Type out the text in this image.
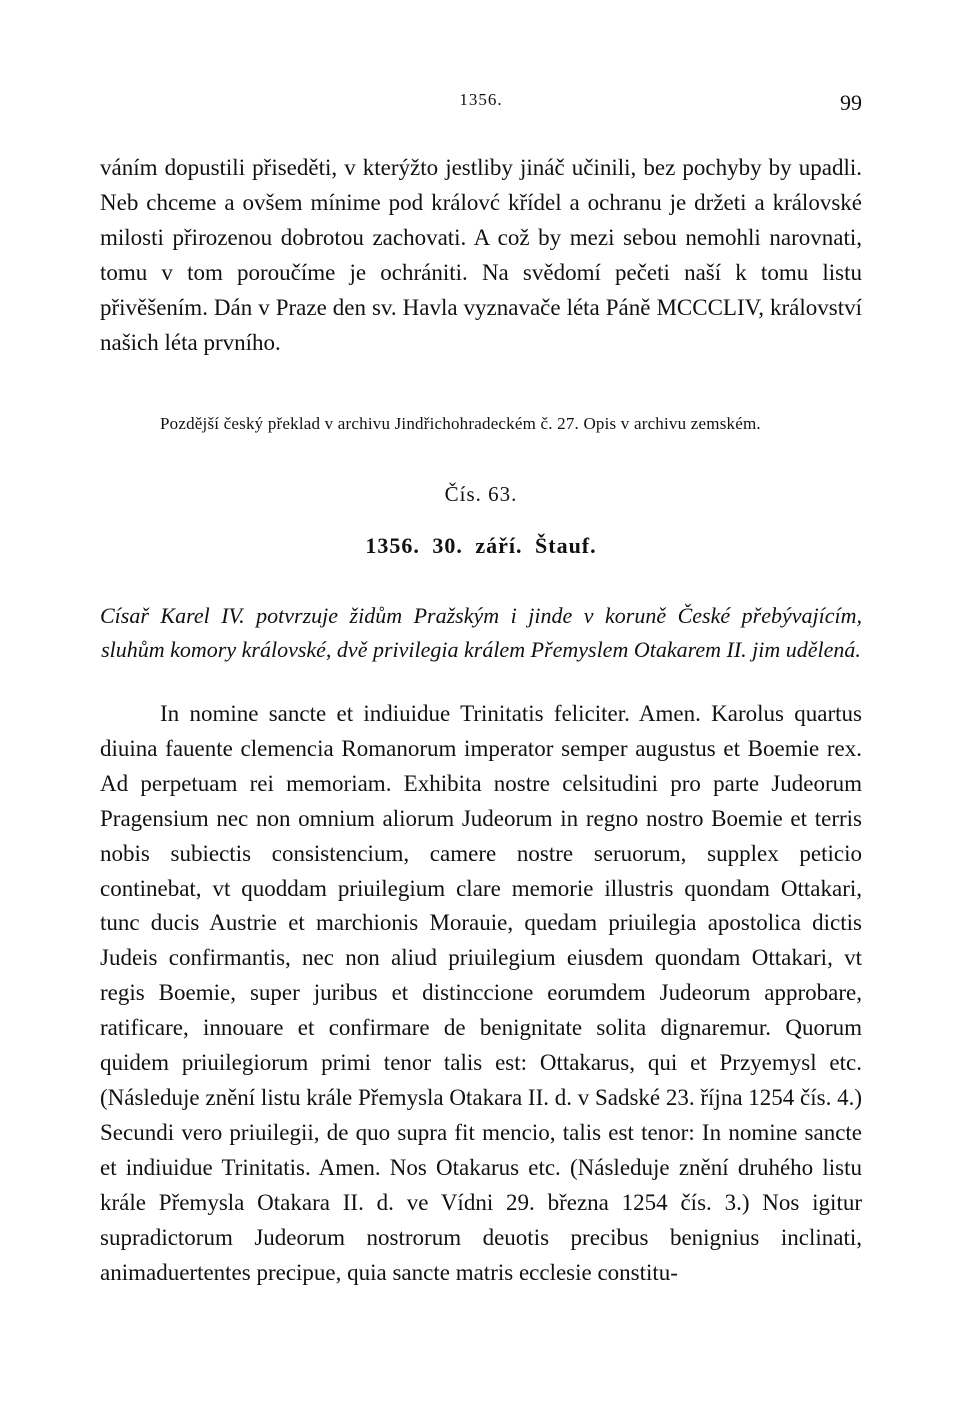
1356.	99

váním dopustili přiseděti, v kterýžto jestliby jináč učinili, bez pochyby by upadli. Neb chceme a ovšem mínime pod královć křídel a ochranu je držeti a královské milosti přirozenou dobrotou zachovati. A což by mezi sebou nemohli narovnati, tomu v tom poroučíme je ochrániti. Na svědomí pečeti naší k tomu listu přivěšením. Dán v Praze den sv. Havla vyznavače léta Páně MCCCLIV, království našich léta prvního.

Pozdější český překlad v archivu Jindřichohradeckém č. 27. Opis v archivu zemském.

Čís. 63.
1356. 30. září. Štauf.

Císař Karel IV. potvrzuje židům Pražským i jinde v koruně České přebývajícím, sluhům komory královské, dvě privilegia králem Přemyslem Otakarem II. jim udělená.

In nomine sancte et indiuidue Trinitatis feliciter. Amen. Karolus quartus diuina fauente clemencia Romanorum imperator semper augustus et Boemie rex. Ad perpetuam rei memoriam. Exhibita nostre celsitudini pro parte Judeorum Pragensium nec non omnium aliorum Judeorum in regno nostro Boemie et terris nobis subiectis consistencium, camere nostre seruorum, supplex peticio continebat, vt quoddam priuilegium clare memorie illustris quondam Ottakari, tunc ducis Austrie et marchionis Morauie, quedam priuilegia apostolica dictis Judeis confirmantis, nec non aliud priuilegium eiusdem quondam Ottakari, vt regis Boemie, super juribus et distinccione eorumdem Judeorum approbare, ratificare, innouare et confirmare de benignitate solita dignaremur. Quorum quidem priuilegiorum primi tenor talis est: Ottakarus, qui et Przyemysl etc. (Následuje znění listu krále Přemysla Otakara II. d. v Sadské 23. října 1254 čís. 4.) Secundi vero priuilegii, de quo supra fit mencio, talis est tenor: In nomine sancte et indiuidue Trinitatis. Amen. Nos Otakarus etc. (Následuje znění druhého listu krále Přemysla Otakara II. d. ve Vídni 29. března 1254 čís. 3.) Nos igitur supradictorum Judeorum nostrorum deuotis precibus benignius inclinati, animaduertentes precipue, quia sancte matris ecclesie constitu-
